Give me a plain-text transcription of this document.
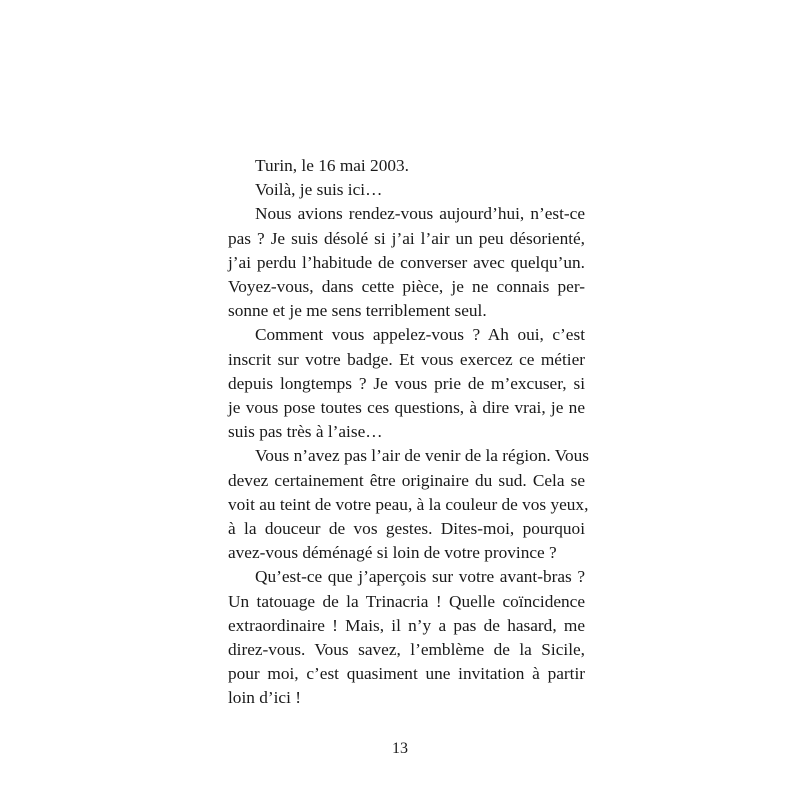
Turin, le 16 mai 2003.

Voilà, je suis ici…

Nous avions rendez-vous aujourd’hui, n’est-ce
pas ? Je suis désolé si j’ai l’air un peu désorienté,
j’ai perdu l’habitude de converser avec quelqu’un.
Voyez-vous, dans cette pièce, je ne connais per-
sonne et je me sens terriblement seul.

Comment vous appelez-vous ? Ah oui, c’est
inscrit sur votre badge. Et vous exercez ce métier
depuis longtemps ? Je vous prie de m’excuser, si
je vous pose toutes ces questions, à dire vrai, je ne
suis pas très à l’aise…

Vous n’avez pas l’air de venir de la région. Vous
devez certainement être originaire du sud. Cela se
voit au teint de votre peau, à la couleur de vos yeux,
à la douceur de vos gestes. Dites-moi, pourquoi
avez-vous déménagé si loin de votre province ?

Qu’est-ce que j’aperçois sur votre avant-bras ?
Un tatouage de la Trinacria ! Quelle coïncidence
extraordinaire ! Mais, il n’y a pas de hasard, me
direz-vous. Vous savez, l’emblème de la Sicile,
pour moi, c’est quasiment une invitation à partir
loin d’ici !

13
